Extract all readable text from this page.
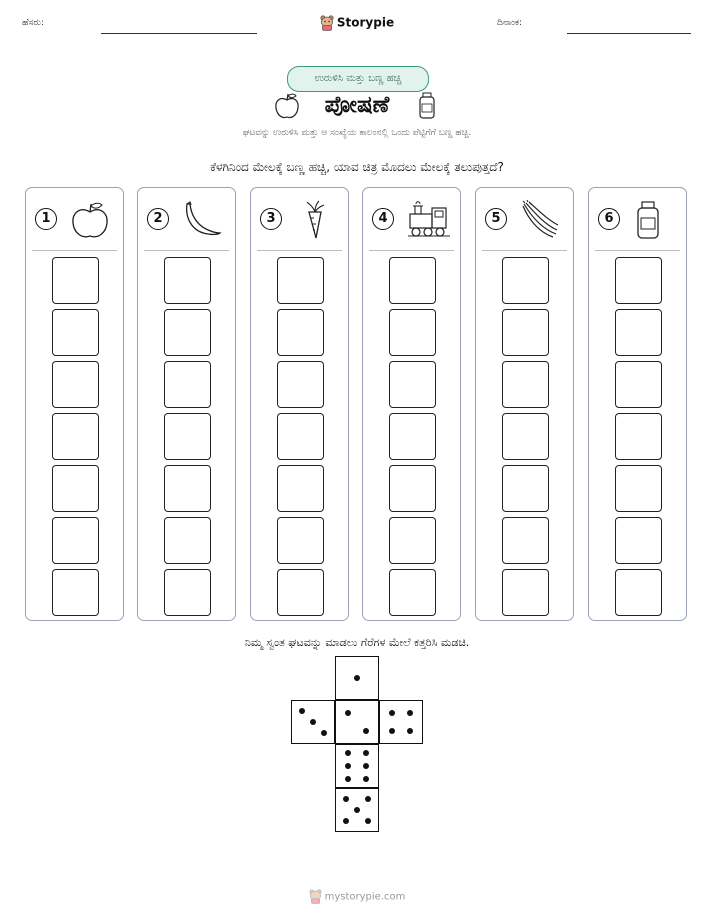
ಹೆಸರು:	Storypie	ದಿನಾಂಕ:
ಉರುಳಿಸಿ ಮತ್ತು ಬಣ್ಣ ಹಚ್ಚಿ
ಪೋಷಣೆ
ಘಟವನ್ನು ಉರುಳಿಸಿ ಮತ್ತು ಆ ಸಂಖ್ಯೆಯ ಕಾಲಂನಲ್ಲಿ ಒಂದು ಪೆಟ್ಟಿಗೆಗೆ ಬಣ್ಣ ಹಚ್ಚಿ.
ಕೆಳಗಿನಿಂದ ಮೇಲಕ್ಕೆ ಬಣ್ಣ ಹಚ್ಚಿ, ಯಾವ ಚಿತ್ರ ಮೊದಲು ಮೇಲಕ್ಕೆ ತಲುಪುತ್ತದೆ?
1	2	3	4	5	6
ನಿಮ್ಮ ಸ್ವಂತ ಘಟವನ್ನು ಮಾಡಲು ಗೆರೆಗಳ ಮೇಲೆ ಕತ್ತರಿಸಿ ಮಡಚಿ.
mystorypie.com
